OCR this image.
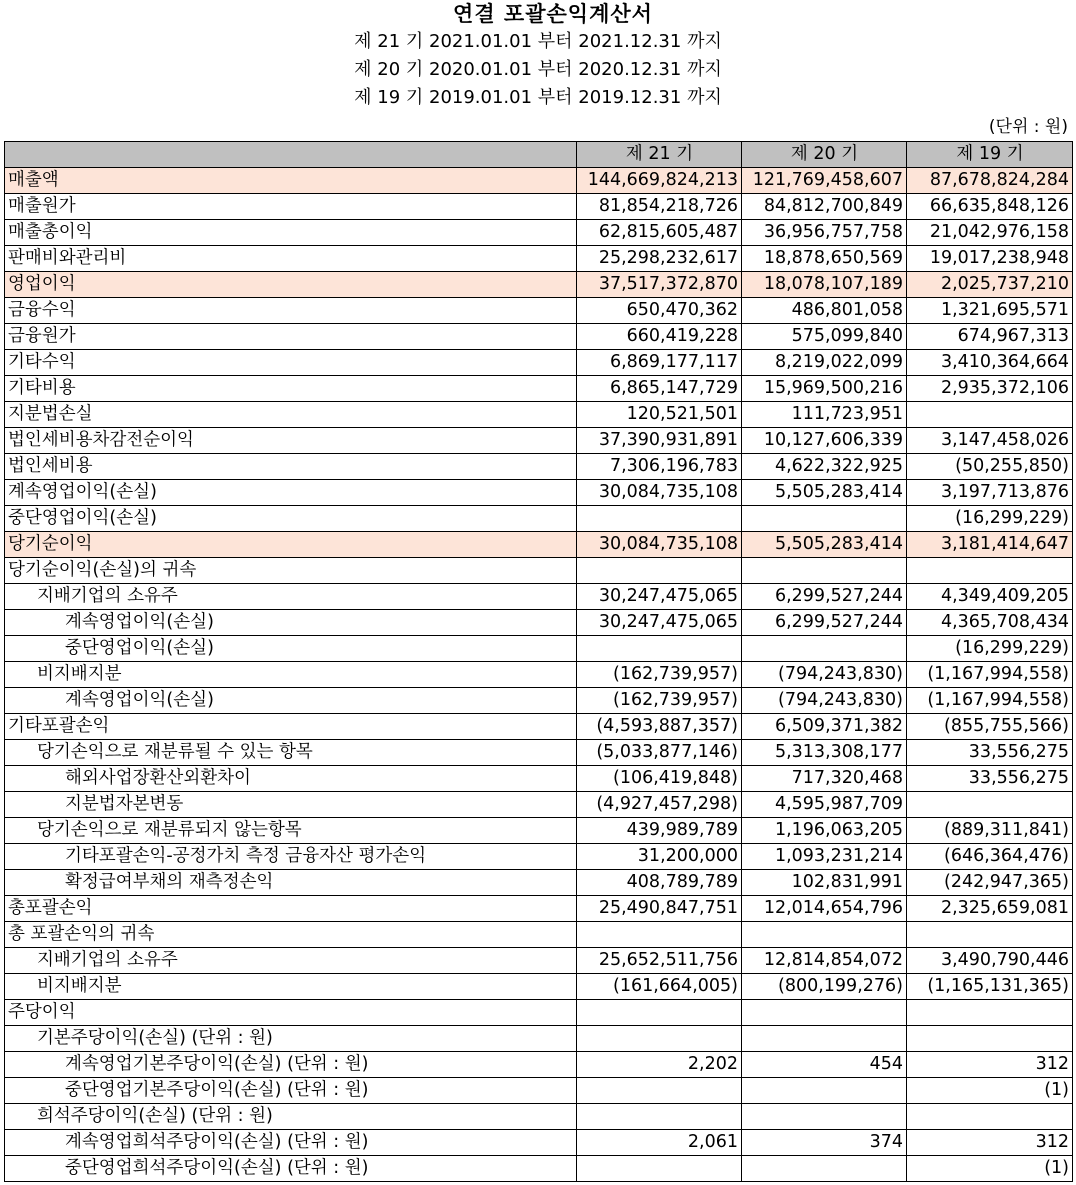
연결 포괄손익계산서
제 21 기 2021.01.01 부터 2021.12.31 까지
제 20 기 2020.01.01 부터 2020.12.31 까지
제 19 기 2019.01.01 부터 2019.12.31 까지
(단위 : 원)
	제 21 기	제 20 기	제 19 기
매출액	144,669,824,213	121,769,458,607	87,678,824,284
매출원가	81,854,218,726	84,812,700,849	66,635,848,126
매출총이익	62,815,605,487	36,956,757,758	21,042,976,158
판매비와관리비	25,298,232,617	18,878,650,569	19,017,238,948
영업이익	37,517,372,870	18,078,107,189	2,025,737,210
금융수익	650,470,362	486,801,058	1,321,695,571
금융원가	660,419,228	575,099,840	674,967,313
기타수익	6,869,177,117	8,219,022,099	3,410,364,664
기타비용	6,865,147,729	15,969,500,216	2,935,372,106
지분법손실	120,521,501	111,723,951	
법인세비용차감전순이익	37,390,931,891	10,127,606,339	3,147,458,026
법인세비용	7,306,196,783	4,622,322,925	(50,255,850)
계속영업이익(손실)	30,084,735,108	5,505,283,414	3,197,713,876
중단영업이익(손실)			(16,299,229)
당기순이익	30,084,735,108	5,505,283,414	3,181,414,647
당기순이익(손실)의 귀속			
지배기업의 소유주	30,247,475,065	6,299,527,244	4,349,409,205
계속영업이익(손실)	30,247,475,065	6,299,527,244	4,365,708,434
중단영업이익(손실)			(16,299,229)
비지배지분	(162,739,957)	(794,243,830)	(1,167,994,558)
계속영업이익(손실)	(162,739,957)	(794,243,830)	(1,167,994,558)
기타포괄손익	(4,593,887,357)	6,509,371,382	(855,755,566)
당기손익으로 재분류될 수 있는 항목	(5,033,877,146)	5,313,308,177	33,556,275
해외사업장환산외환차이	(106,419,848)	717,320,468	33,556,275
지분법자본변동	(4,927,457,298)	4,595,987,709	
당기손익으로 재분류되지 않는항목	439,989,789	1,196,063,205	(889,311,841)
기타포괄손익-공정가치 측정 금융자산 평가손익	31,200,000	1,093,231,214	(646,364,476)
확정급여부채의 재측정손익	408,789,789	102,831,991	(242,947,365)
총포괄손익	25,490,847,751	12,014,654,796	2,325,659,081
총 포괄손익의 귀속			
지배기업의 소유주	25,652,511,756	12,814,854,072	3,490,790,446
비지배지분	(161,664,005)	(800,199,276)	(1,165,131,365)
주당이익			
기본주당이익(손실) (단위 : 원)			
계속영업기본주당이익(손실) (단위 : 원)	2,202	454	312
중단영업기본주당이익(손실) (단위 : 원)			(1)
희석주당이익(손실) (단위 : 원)			
계속영업희석주당이익(손실) (단위 : 원)	2,061	374	312
중단영업희석주당이익(손실) (단위 : 원)			(1)
